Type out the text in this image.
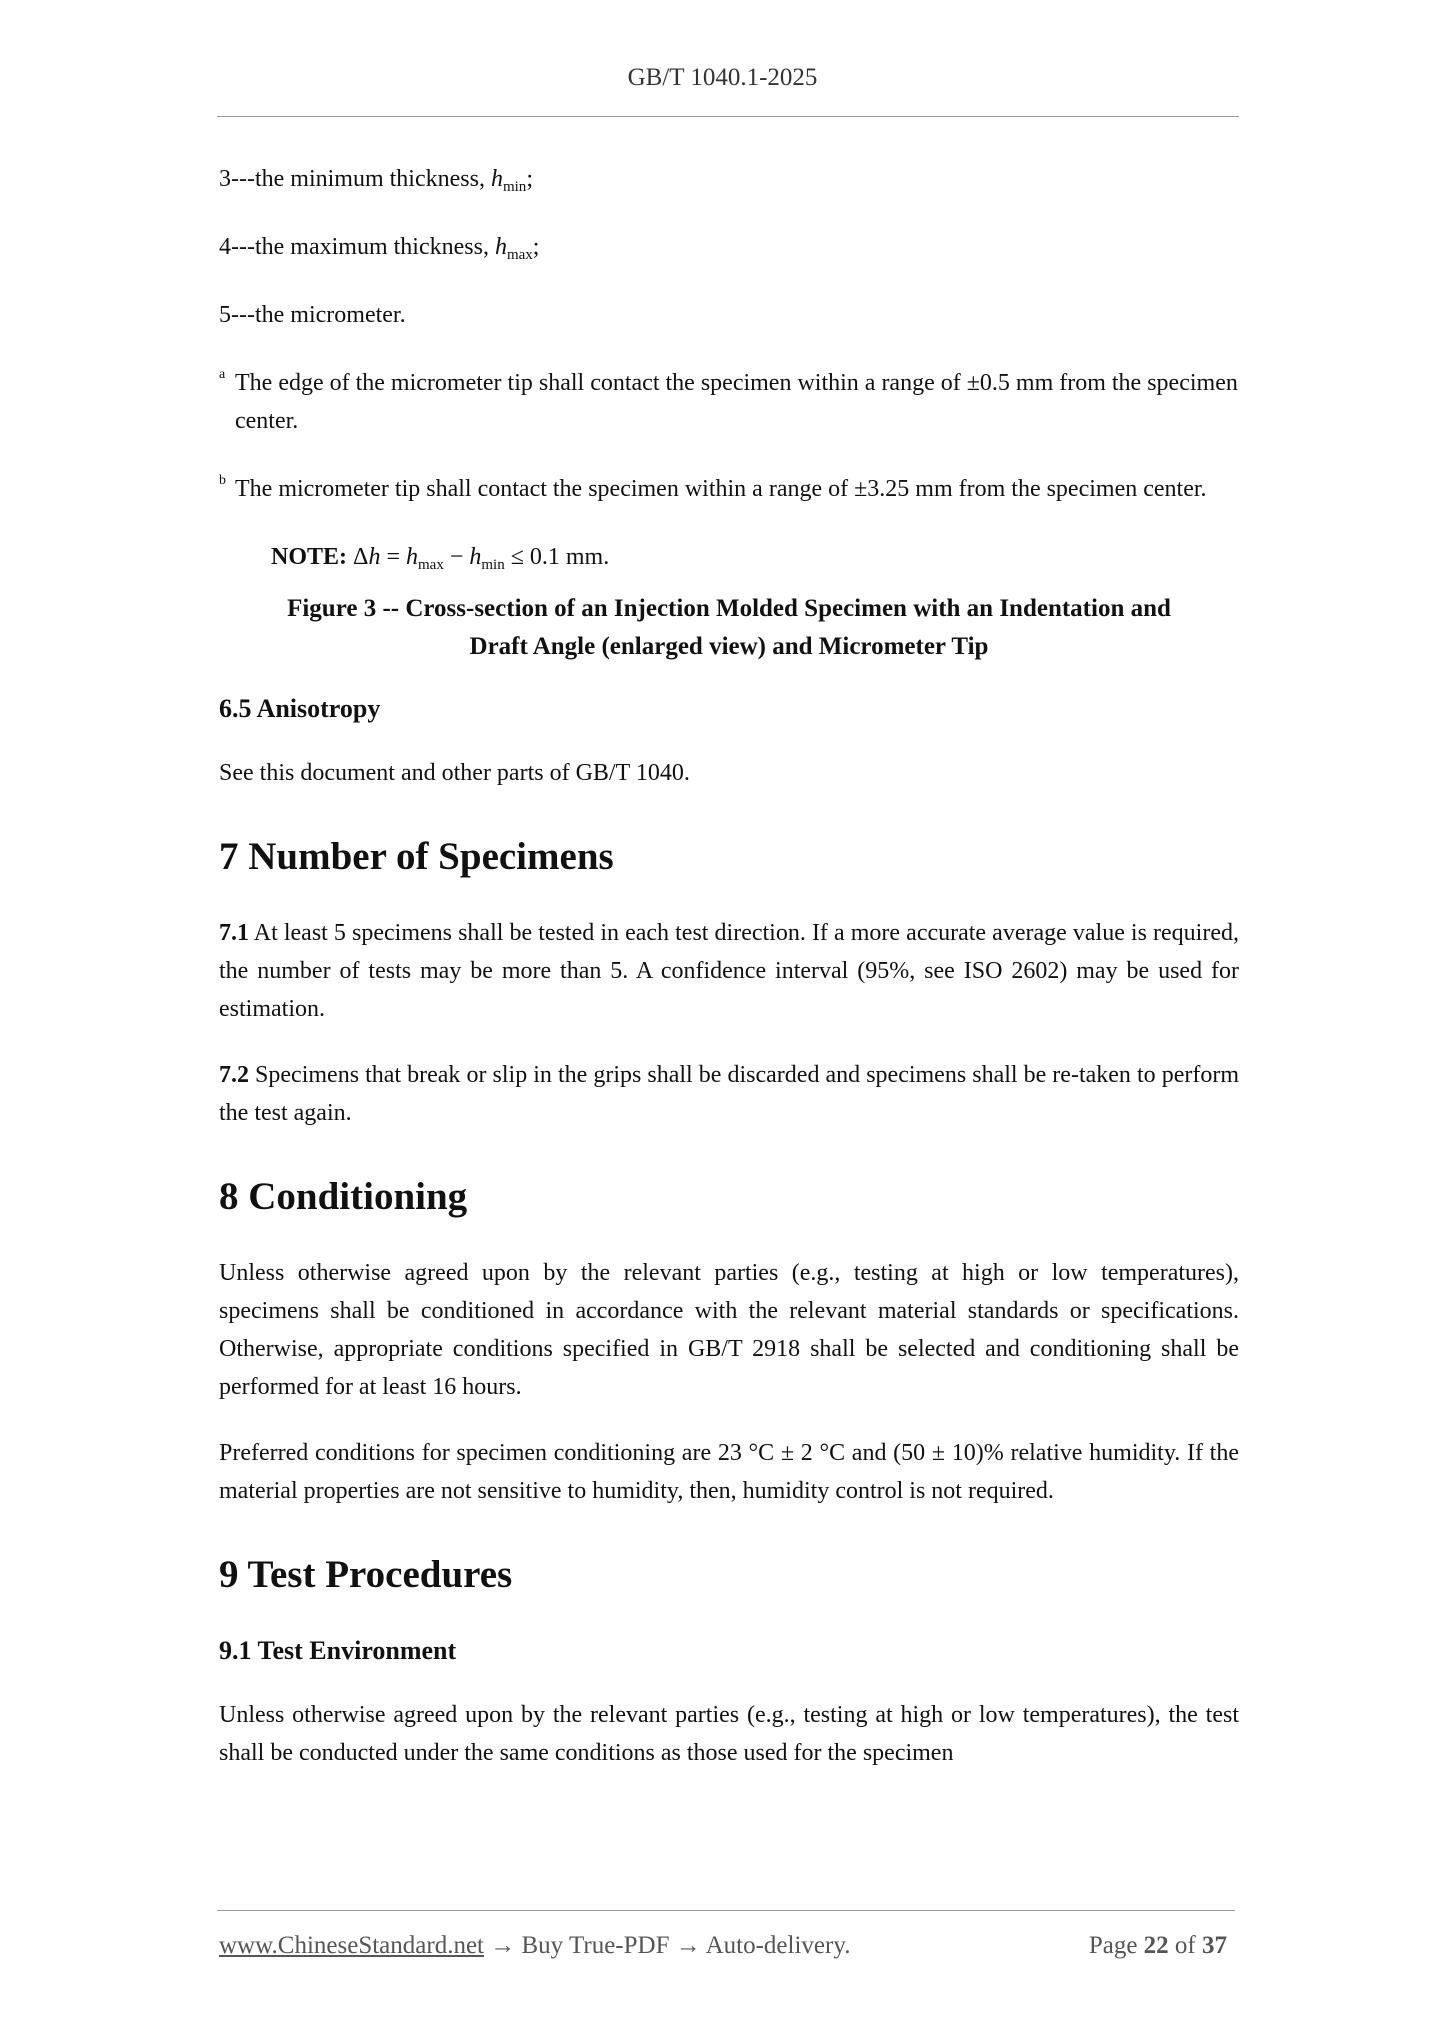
GB/T 1040.1-2025

3---the minimum thickness, $h_{min}$;

4---the maximum thickness, $h_{max}$;

5---the micrometer.

a The edge of the micrometer tip shall contact the specimen within a range of ±0.5 mm from the specimen
center.

b The micrometer tip shall contact the specimen within a range of ±3.25 mm from the specimen center.

NOTE: $\Delta h = h_{max} - h_{min} \le 0.1$ mm.

Figure 3 -- Cross-section of an Injection Molded Specimen with an Indentation and
Draft Angle (enlarged view) and Micrometer Tip

6.5 Anisotropy

See this document and other parts of GB/T 1040.

7 Number of Specimens

7.1 At least 5 specimens shall be tested in each test direction. If a more accurate average value is required, the number of tests may be more than 5. A confidence interval (95%, see ISO 2602) may be used for estimation.

7.2 Specimens that break or slip in the grips shall be discarded and specimens shall be re-taken to perform the test again.

8 Conditioning

Unless otherwise agreed upon by the relevant parties (e.g., testing at high or low temperatures), specimens shall be conditioned in accordance with the relevant material standards or specifications. Otherwise, appropriate conditions specified in GB/T 2918 shall be selected and conditioning shall be performed for at least 16 hours.

Preferred conditions for specimen conditioning are 23 °C ± 2 °C and (50 ± 10)% relative humidity. If the material properties are not sensitive to humidity, then, humidity control is not required.

9 Test Procedures

9.1 Test Environment

Unless otherwise agreed upon by the relevant parties (e.g., testing at high or low temperatures), the test shall be conducted under the same conditions as those used for the specimen

www.ChineseStandard.net → Buy True-PDF → Auto-delivery.	Page 22 of 37
